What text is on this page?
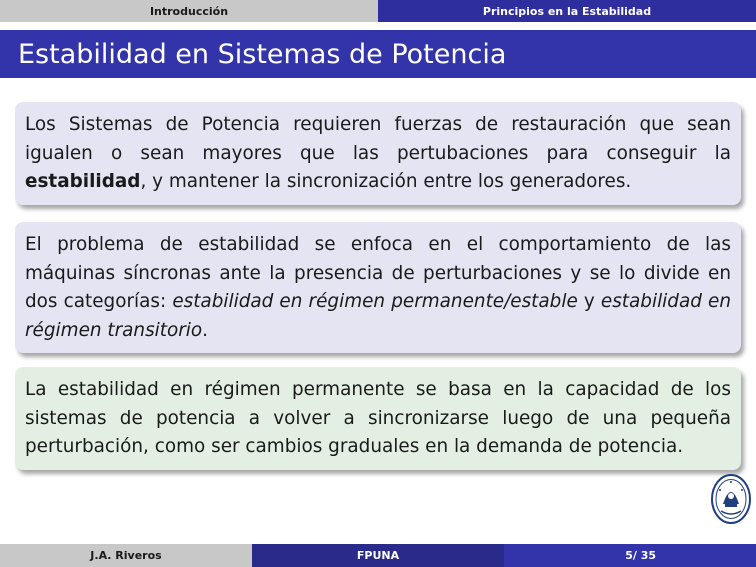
Introducción	Principios en la Estabilidad
Estabilidad en Sistemas de Potencia

Los Sistemas de Potencia requieren fuerzas de restauración que sean igualen o sean mayores que las pertubaciones para conseguir la estabilidad, y mantener la sincronización entre los generadores.

El problema de estabilidad se enfoca en el comportamiento de las máquinas síncronas ante la presencia de perturbaciones y se lo divide en dos categorías: estabilidad en régimen permanente/estable y estabilidad en régimen transitorio.

La estabilidad en régimen permanente se basa en la capacidad de los sistemas de potencia a volver a sincronizarse luego de una pequeña perturbación, como ser cambios graduales en la demanda de potencia.

J.A. Riveros	FPUNA	5/ 35
